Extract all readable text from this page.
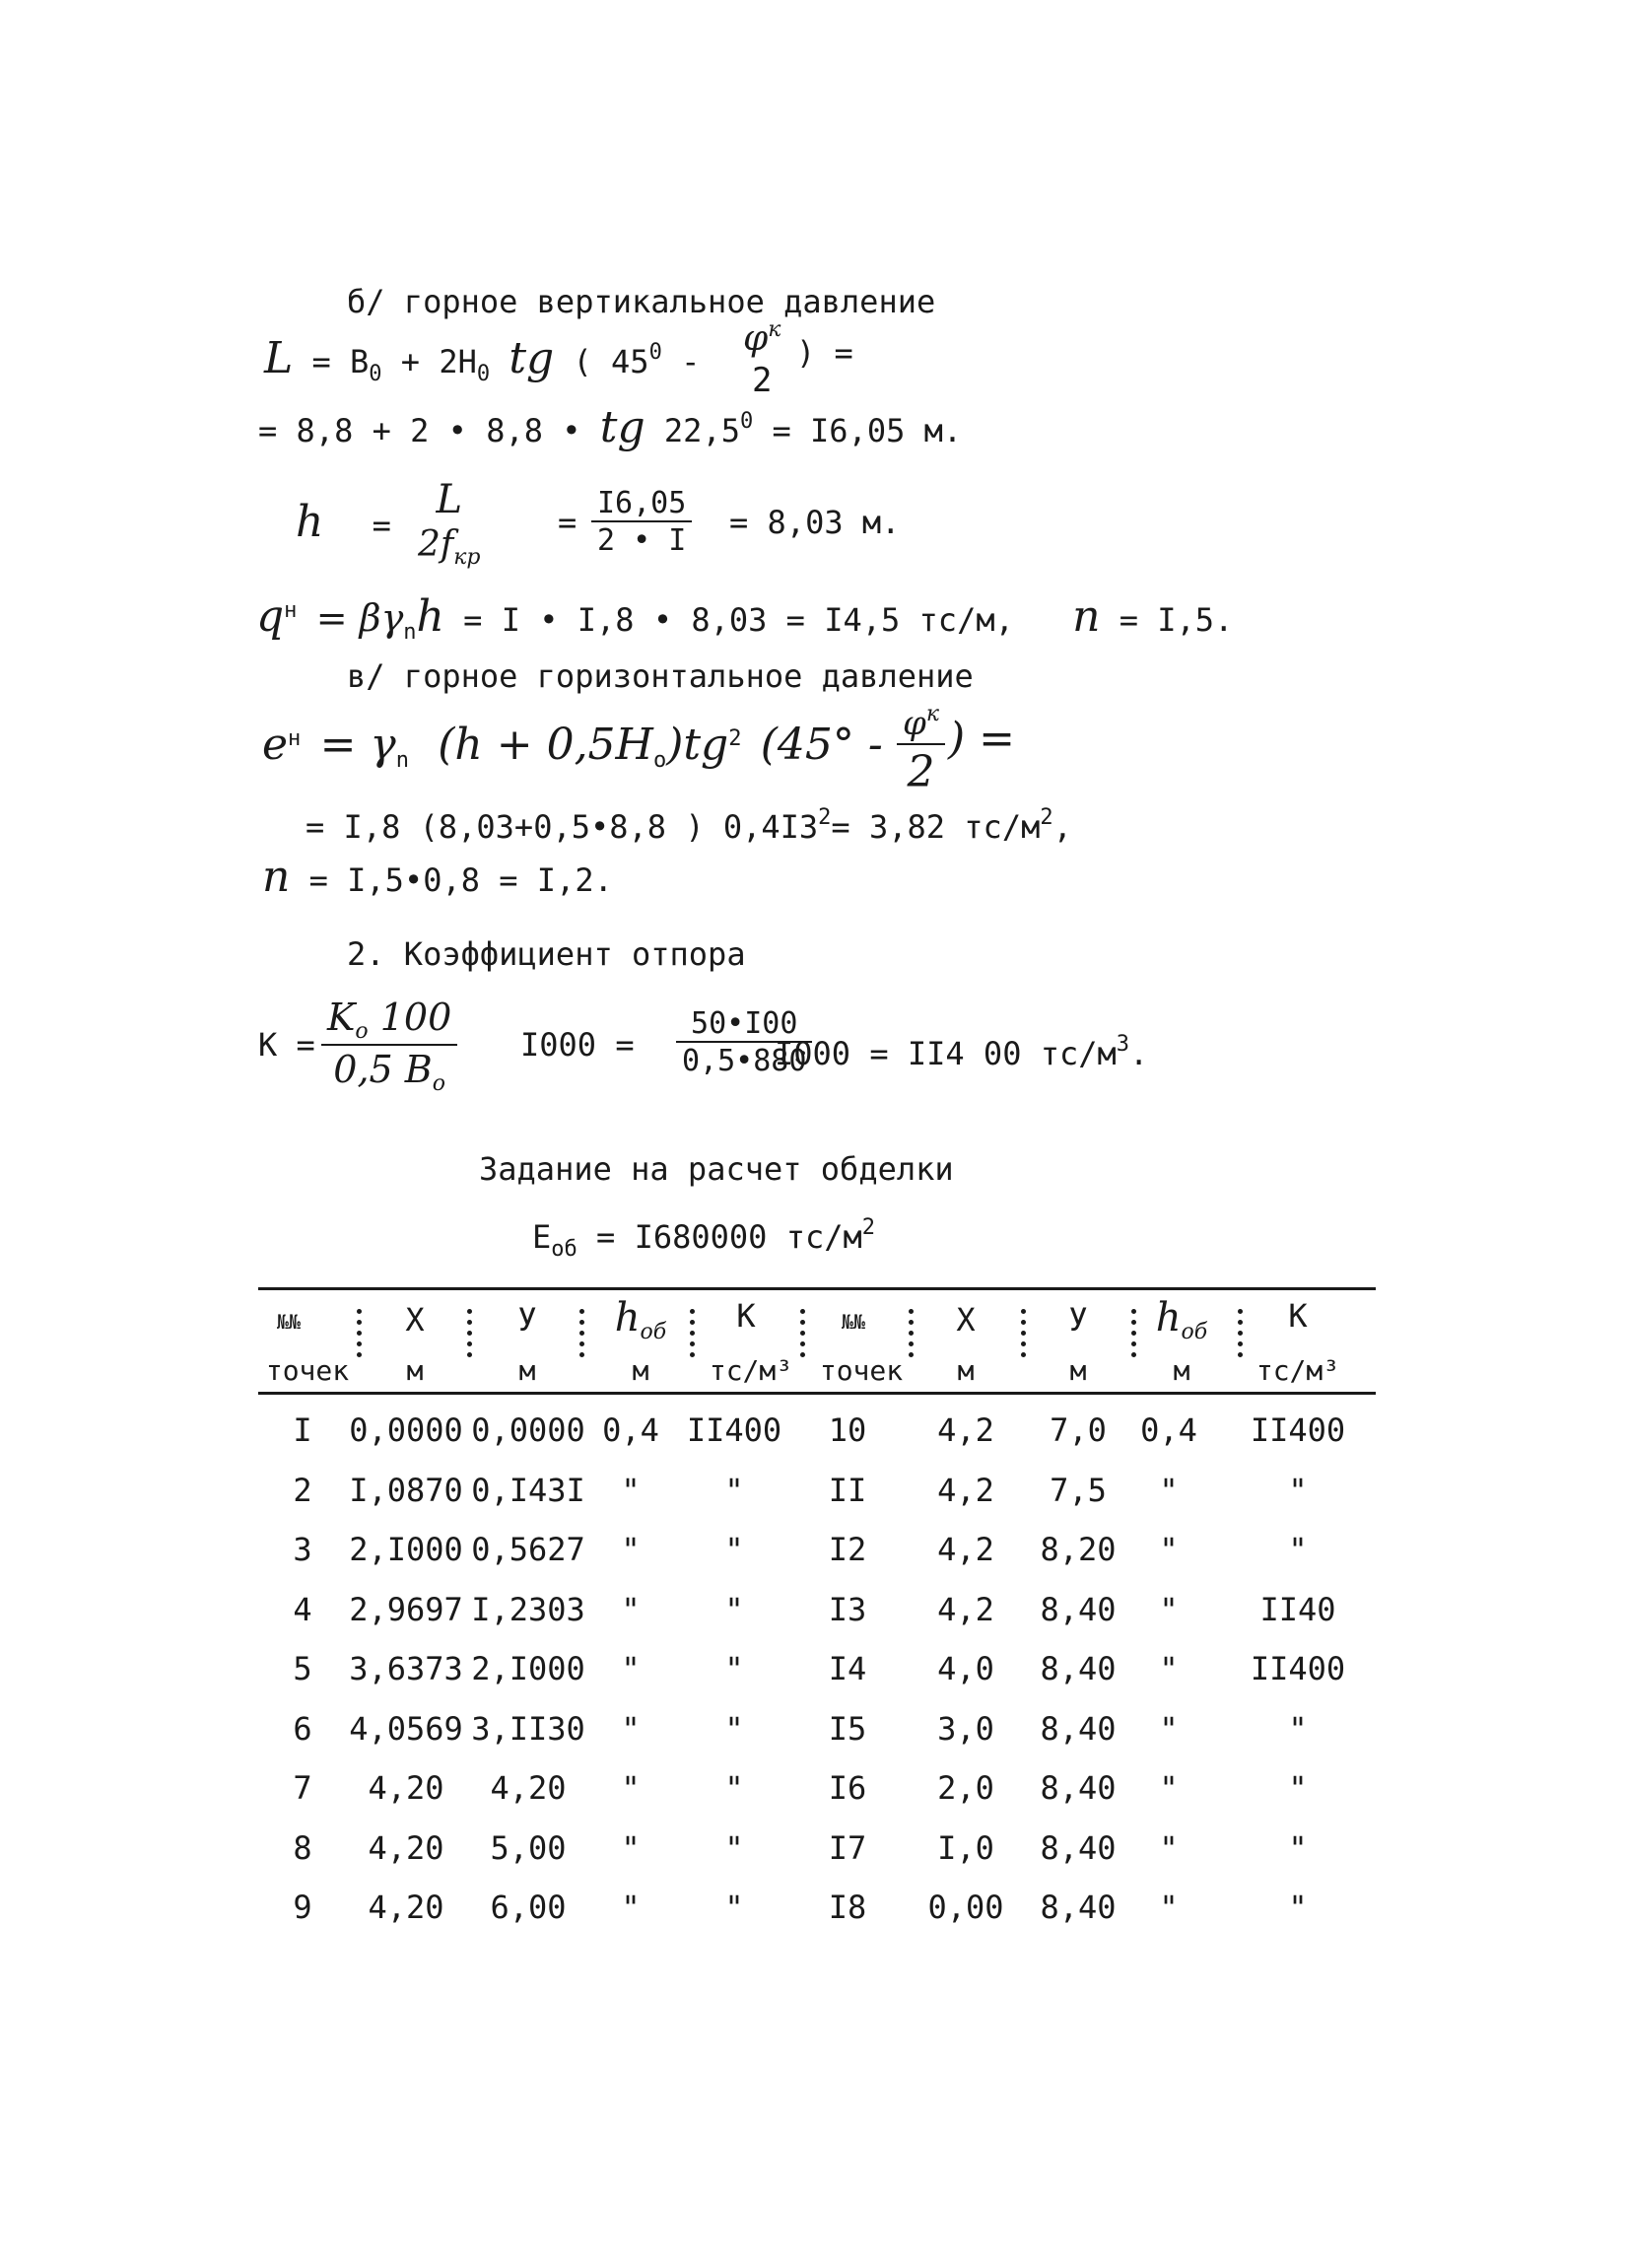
б/ горное вертикальное давление
$L = B_0 + 2H_0$ tg ( $45^0$ -
$\varphi^к$
2
) =
= 8,8 + 2 • 8,8 • tg $22,5^0 = I6,05$ м.
h =
L
$2f_{кр}$
= $\frac{I6,05}{2 • I} = 8,03$ м.
$q^н = \beta\gamma_nh = I$ • I,8 • 8,03 = I4,5 тс/м, n = I,5.
в/ горное горизонтальное давление
$e^н = \gamma_n$ $(h + 0,5H_o)tg^2$ ($45^\circ - \varphi^к$
2
) =
= I,8 (8,03+0,5•8,8 ) $0,4I3^2= 3,82$ $тс/м^2$,
n = I,5•0,8 = I,2.
2. Коэффициент отпора
$К = \frac{K_o 100}{0,5 B_o} I000 = \frac{50•I00}{0,5•880}$
I000 = II4 00 $тс/м^3$.
Задание на расчет обделки
$E_{об} = I680000$ $тс/м^2$
№№	X	У	$h_{об}$	К	№№	X	У	$h_{об}$	К
точек	м	м	м	тс/м³ точек	м	м	м	тс/м³
I	0,0000 0,0000 0,4 II400	10	4,2	7,0	0,4	II400
2	I,0870 0,I43I	"	"	II	4,2	7,5	"	"
3	2,I000 0,5627	"	"	I2	4,2	8,20	"	"
4	2,9697 I,2303	"	"	I3	4,2	8,40	"	II40
5	3,6373 2,I000	"	"	I4	4,0	8,40	"	II400
6	4,0569 3,II30	"	"	I5	3,0	8,40	"	"
7	4,20	4,20	"	"	I6	2,0	8,40	"	"
8	4,20	5,00	"	"	I7	I,0	8,40	"	"
9	4,20	6,00	"	"	I8	0,00	8,40	"	"
